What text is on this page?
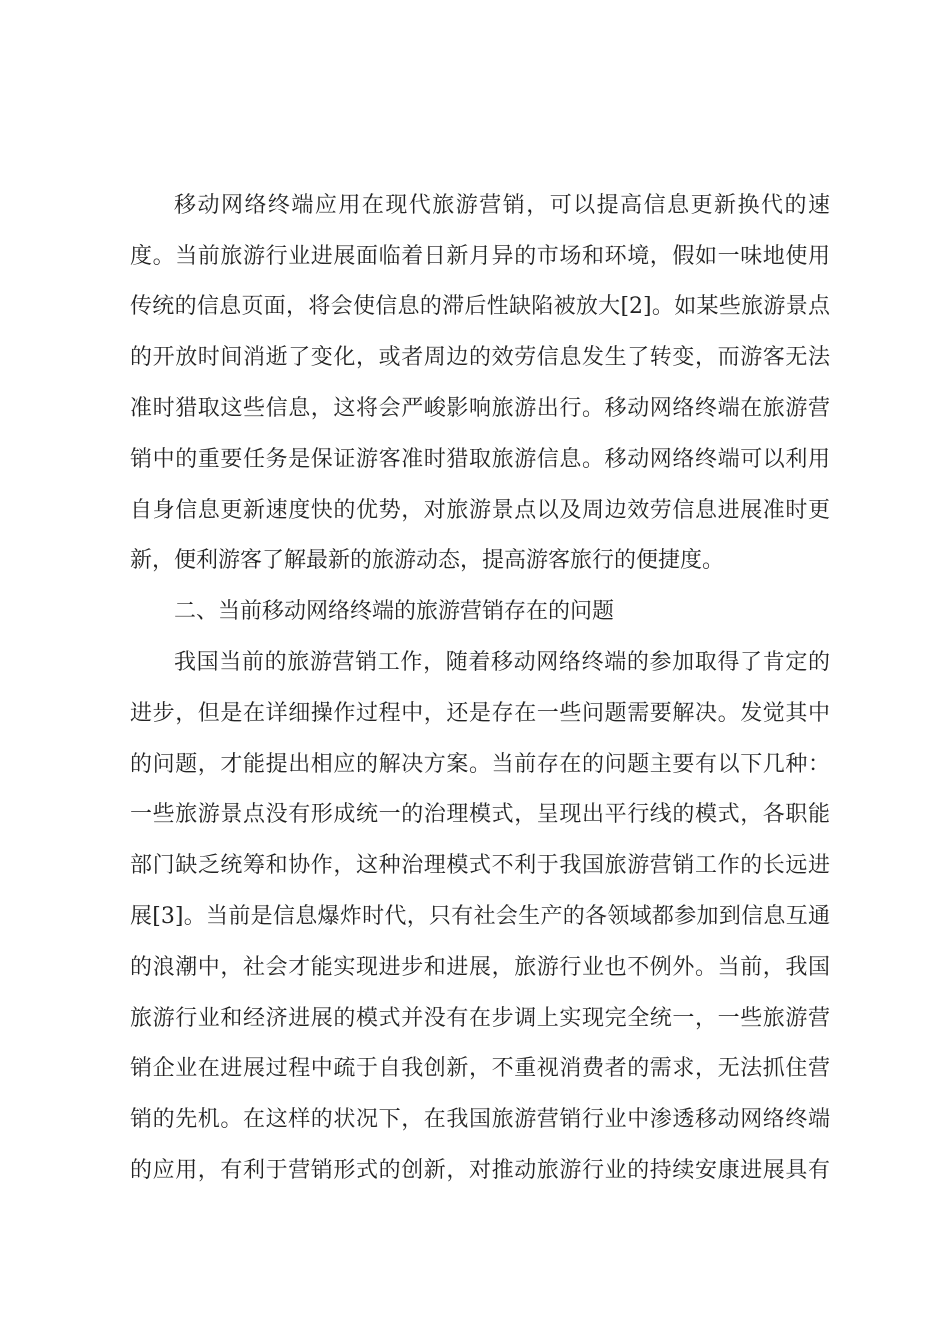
移动网络终端应用在现代旅游营销，可以提高信息更新换代的速
度。当前旅游行业进展面临着日新月异的市场和环境，假如一味地使用
传统的信息页面，将会使信息的滞后性缺陷被放大[2]。如某些旅游景点
的开放时间消逝了变化，或者周边的效劳信息发生了转变，而游客无法
准时猎取这些信息，这将会严峻影响旅游出行。移动网络终端在旅游营
销中的重要任务是保证游客准时猎取旅游信息。移动网络终端可以利用
自身信息更新速度快的优势，对旅游景点以及周边效劳信息进展准时更
新，便利游客了解最新的旅游动态，提高游客旅行的便捷度。
二、当前移动网络终端的旅游营销存在的问题
我国当前的旅游营销工作，随着移动网络终端的参加取得了肯定的
进步，但是在详细操作过程中，还是存在一些问题需要解决。发觉其中
的问题，才能提出相应的解决方案。当前存在的问题主要有以下几种：
一些旅游景点没有形成统一的治理模式，呈现出平行线的模式，各职能
部门缺乏统筹和协作，这种治理模式不利于我国旅游营销工作的长远进
展[3]。当前是信息爆炸时代，只有社会生产的各领域都参加到信息互通
的浪潮中，社会才能实现进步和进展，旅游行业也不例外。当前，我国
旅游行业和经济进展的模式并没有在步调上实现完全统一，一些旅游营
销企业在进展过程中疏于自我创新，不重视消费者的需求，无法抓住营
销的先机。在这样的状况下，在我国旅游营销行业中渗透移动网络终端
的应用，有利于营销形式的创新，对推动旅游行业的持续安康进展具有
